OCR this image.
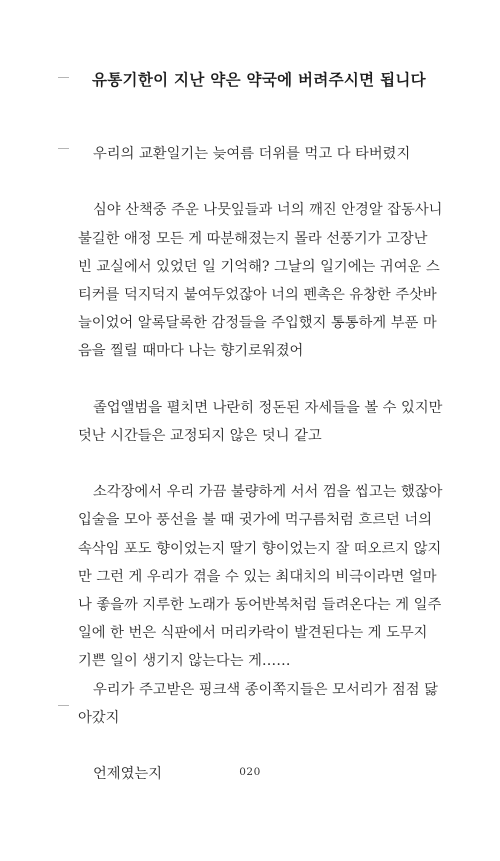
유통기한이 지난 약은 약국에 버려주시면 됩니다
우리의 교환일기는 늦여름 더위를 먹고 다 타버렸지
심야 산책중 주운 나뭇잎들과 너의 깨진 안경알 잡동사니
불길한 애정 모든 게 따분해졌는지 몰라 선풍기가 고장난
빈 교실에서 있었던 일 기억해? 그날의 일기에는 귀여운 스
티커를 덕지덕지 붙여두었잖아 너의 펜촉은 유창한 주삿바
늘이었어 알록달록한 감정들을 주입했지 통통하게 부푼 마
음을 찔릴 때마다 나는 향기로워졌어
졸업앨범을 펼치면 나란히 정돈된 자세들을 볼 수 있지만
덧난 시간들은 교정되지 않은 덧니 같고
소각장에서 우리 가끔 불량하게 서서 껌을 씹고는 했잖아
입술을 모아 풍선을 불 때 귓가에 먹구름처럼 흐르던 너의
속삭임 포도 향이었는지 딸기 향이었는지 잘 떠오르지 않지
만 그런 게 우리가 겪을 수 있는 최대치의 비극이라면 얼마
나 좋을까 지루한 노래가 동어반복처럼 들려온다는 게 일주
일에 한 번은 식판에서 머리카락이 발견된다는 게 도무지
기쁜 일이 생기지 않는다는 게……
우리가 주고받은 핑크색 종이쪽지들은 모서리가 점점 닳
아갔지
언제였는지	020
